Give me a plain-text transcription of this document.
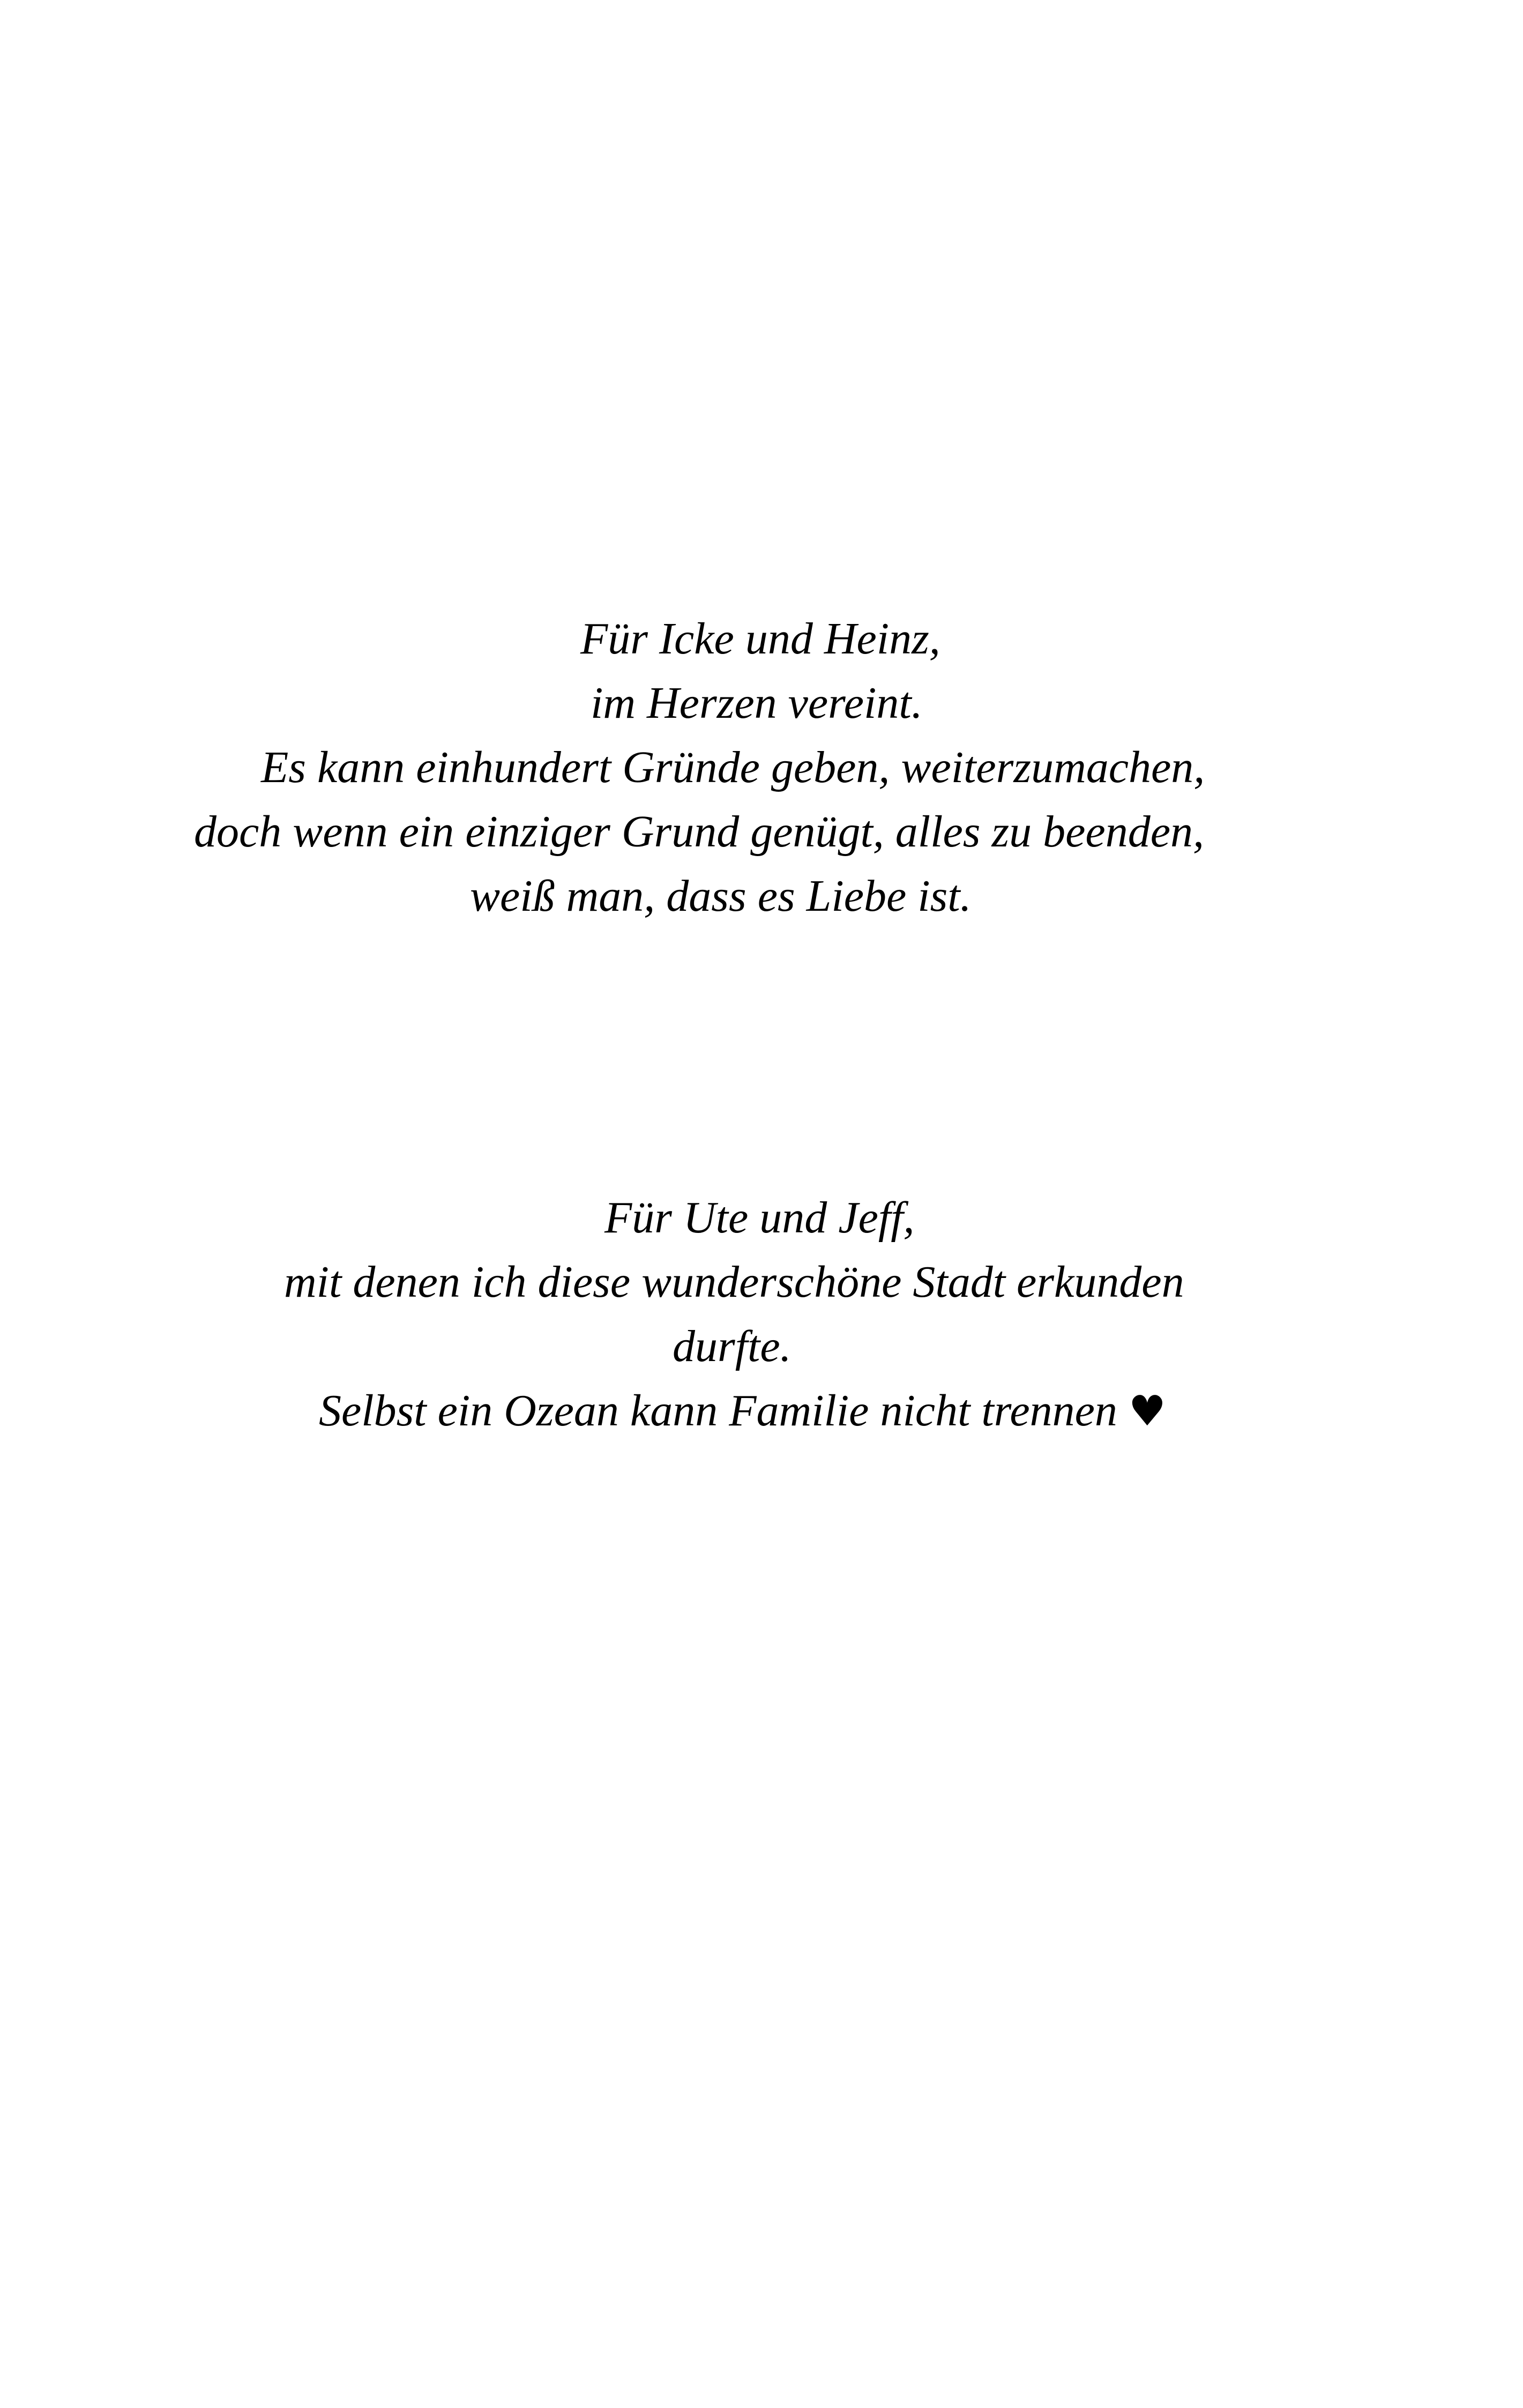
Für Icke und Heinz,

im Herzen vereint.

Es kann einhundert Gründe geben, weiterzumachen,

doch wenn ein einziger Grund genügt, alles zu beenden,

weiß man, dass es Liebe ist.

Für Ute und Jeff,

mit denen ich diese wunderschöne Stadt erkunden

durfte.

Selbst ein Ozean kann Familie nicht trennen ♥
